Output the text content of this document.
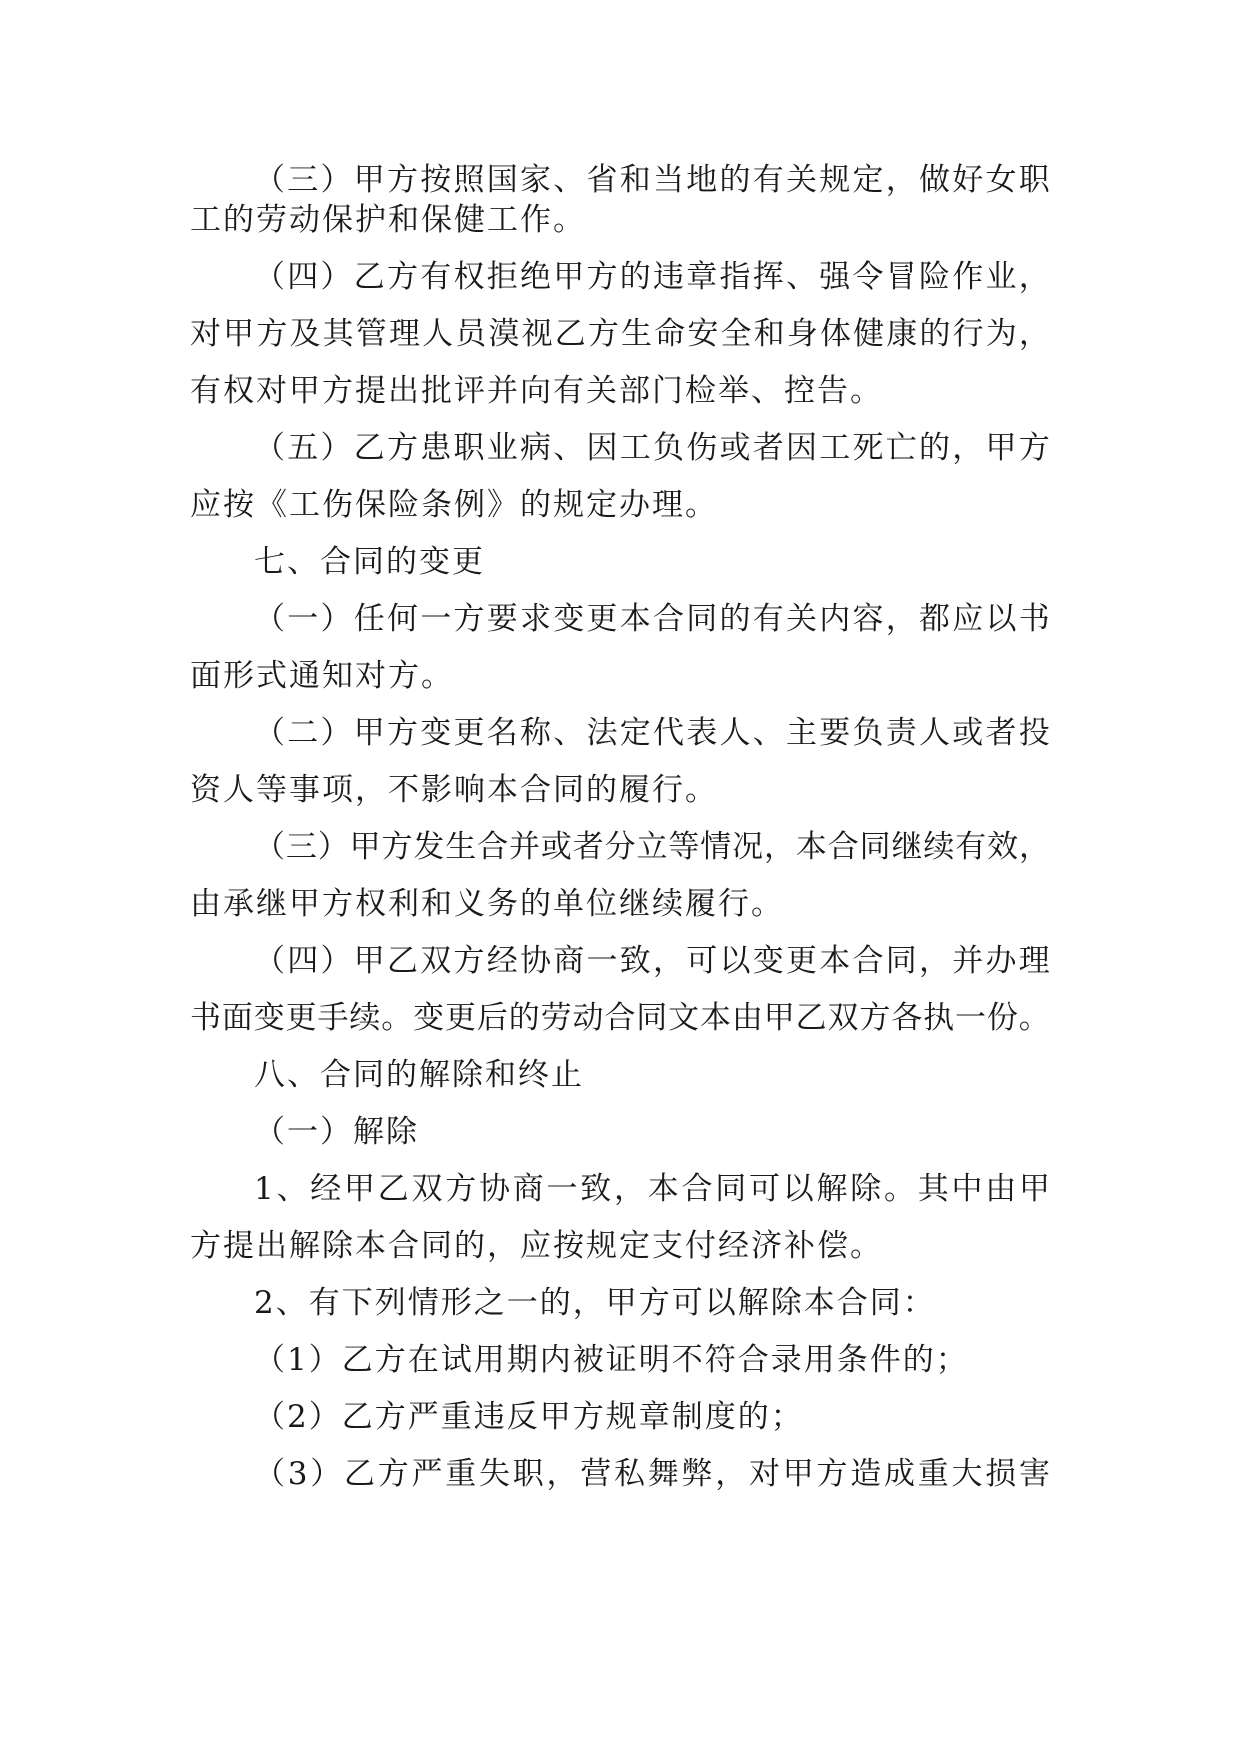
（ 三 ） 甲 方 按 照 国 家 、 省 和 当 地 的 有 关 规 定 ， 做 好 女 职
工的劳动保护和保健工作。
（ 四 ） 乙 方 有 权 拒 绝 甲 方 的 违 章 指 挥 、 强 令 冒 险 作 业 ，
对 甲 方 及 其 管 理 人 员 漠 视 乙 方 生 命 安 全 和 身 体 健 康 的 行 为 ，
有权对甲方提出批评并向有关部门检举、控告。
（ 五 ） 乙 方 患 职 业 病 、 因 工 负 伤 或 者 因 工 死 亡 的 ， 甲 方
应按《工伤保险条例》的规定办理。
七、合同的变更
（ 一 ） 任 何 一 方 要 求 变 更 本 合 同 的 有 关 内 容 ， 都 应 以 书
面形式通知对方。
（ 二 ） 甲 方 变 更 名 称 、 法 定 代 表 人 、 主 要 负 责 人 或 者 投
资人等事项，不影响本合同的履行。
（ 三 ） 甲 方 发 生 合 并 或 者 分 立 等 情 况 ， 本 合 同 继 续 有 效 ，
由承继甲方权利和义务的单位继续履行。
（ 四 ） 甲 乙 双 方 经 协 商 一 致 ， 可 以 变 更 本 合 同 ， 并 办 理
书 面 变 更 手 续 。 变 更 后 的 劳 动 合 同 文 本 由 甲 乙 双 方 各 执 一 份 。
八、合同的解除和终止
（一）解除
1 、 经 甲 乙 双 方 协 商 一 致 ， 本 合 同 可 以 解 除 。 其 中 由 甲
方提出解除本合同的，应按规定支付经济补偿。
2、有下列情形之一的，甲方可以解除本合同：
（1）乙方在试用期内被证明不符合录用条件的；
（2）乙方严重违反甲方规章制度的；
（ 3 ） 乙 方 严 重 失 职 ， 营 私 舞 弊 ， 对 甲 方 造 成 重 大 损 害
